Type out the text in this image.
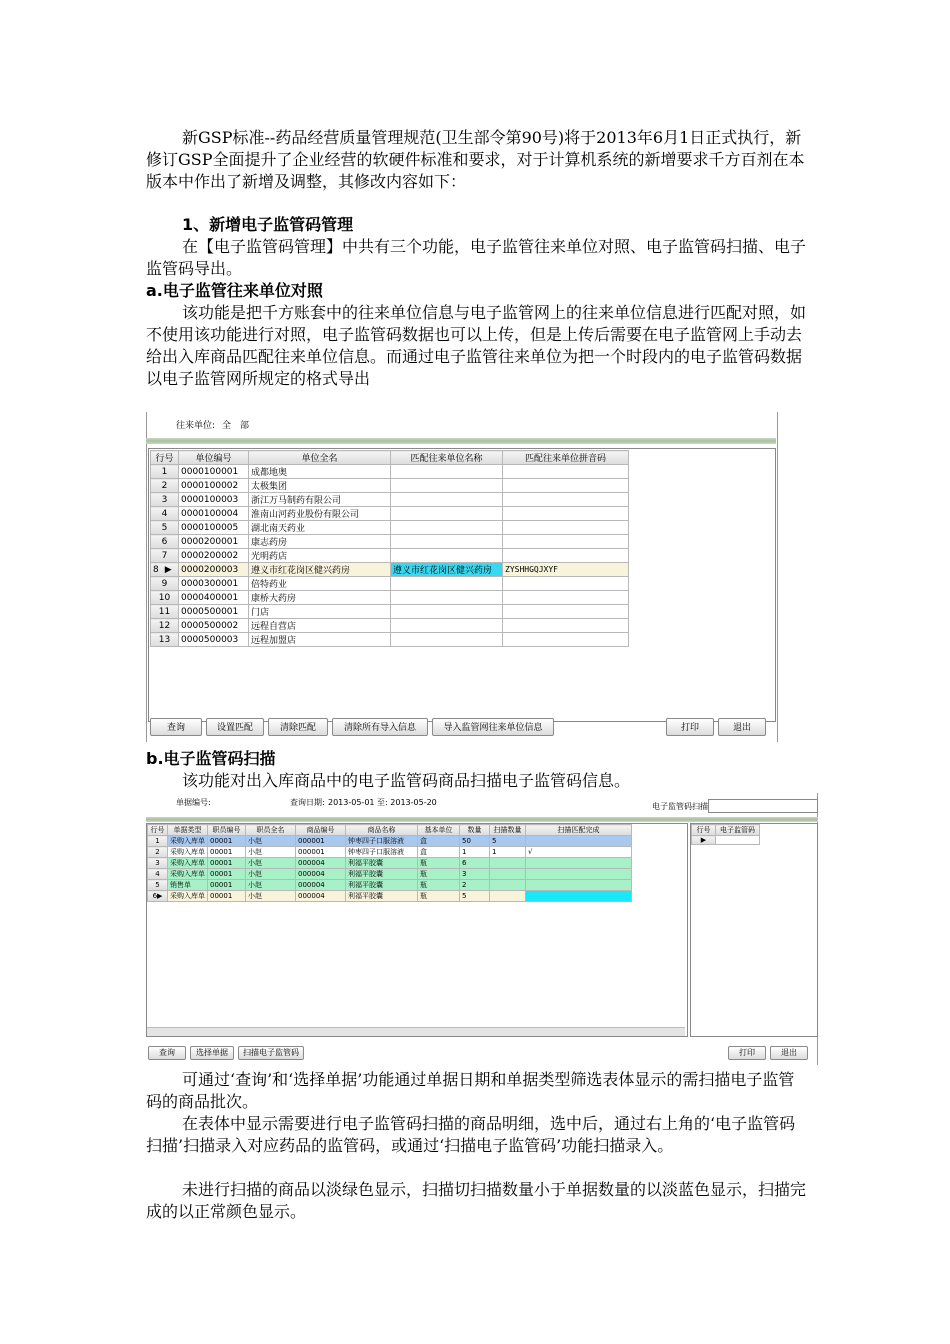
新GSP标准--药品经营质量管理规范(卫生部令第90号)将于2013年6月1日正式执行，新修订GSP全面提升了企业经营的软硬件标准和要求，对于计算机系统的新增要求千方百剂在本版本中作出了新增及调整，其修改内容如下：

1、新增电子监管码管理

在【电子监管码管理】中共有三个功能，电子监管往来单位对照、电子监管码扫描、电子监管码导出。

a.电子监管往来单位对照

该功能是把千方账套中的往来单位信息与电子监管网上的往来单位信息进行匹配对照，如不使用该功能进行对照，电子监管码数据也可以上传，但是上传后需要在电子监管网上手动去给出入库商品匹配往来单位信息。而通过电子监管往来单位为把一个时段内的电子监管码数据以电子监管网所规定的格式导出

往来单位: 全　部
行号	单位编号	单位全名	匹配往来单位名称	匹配往来单位拼音码
1	0000100001	成都地奥		
2	0000100002	太极集团		
3	0000100003	浙江万马制药有限公司		
4	0000100004	淮南山河药业股份有限公司		
5	0000100005	湖北南天药业		
6	0000200001	康志药房		
7	0000200002	光明药店		
8 ▶	0000200003	遵义市红花岗区健兴药房	遵义市红花岗区健兴药房	ZYSHHGQJXYF
9	0000300001	倍特药业		
10	0000400001	康桥大药房		
11	0000500001	门店		
12	0000500002	远程自营店		
13	0000500003	远程加盟店		
查询	设置匹配	清除匹配	清除所有导入信息	导入监管网往来单位信息	打印	退出

b.电子监管码扫描

该功能对出入库商品中的电子监管码商品扫描电子监管码信息。

单据编号:	查询日期: 2013-05-01 至: 2013-05-20	电子监管码扫描
行号	单据类型	职员编号	职员全名	商品编号	商品名称	基本单位	数量	扫描数量	扫描匹配完成
1	采购入库单	00001	小赵	000001	钟枣四子口服溶液	盒	50	5	
2	采购入库单	00001	小赵	000001	钟枣四子口服溶液	盒	1	1	√
3	采购入库单	00001	小赵	000004	利福平胶囊	瓶	6		
4	采购入库单	00001	小赵	000004	利福平胶囊	瓶	3		
5	销售单	00001	小赵	000004	利福平胶囊	瓶	2		
6▶	采购入库单	00001	小赵	000004	利福平胶囊	瓶	5		
行号	电子监管码
▶	
查询	选择单据	扫描电子监管码	打印	退出

可通过‘查询’和‘选择单据’功能通过单据日期和单据类型筛选表体显示的需扫描电子监管码的商品批次。

在表体中显示需要进行电子监管码扫描的商品明细，选中后，通过右上角的‘电子监管码扫描’扫描录入对应药品的监管码，或通过‘扫描电子监管码’功能扫描录入。

未进行扫描的商品以淡绿色显示，扫描切扫描数量小于单据数量的以淡蓝色显示，扫描完成的以正常颜色显示。
